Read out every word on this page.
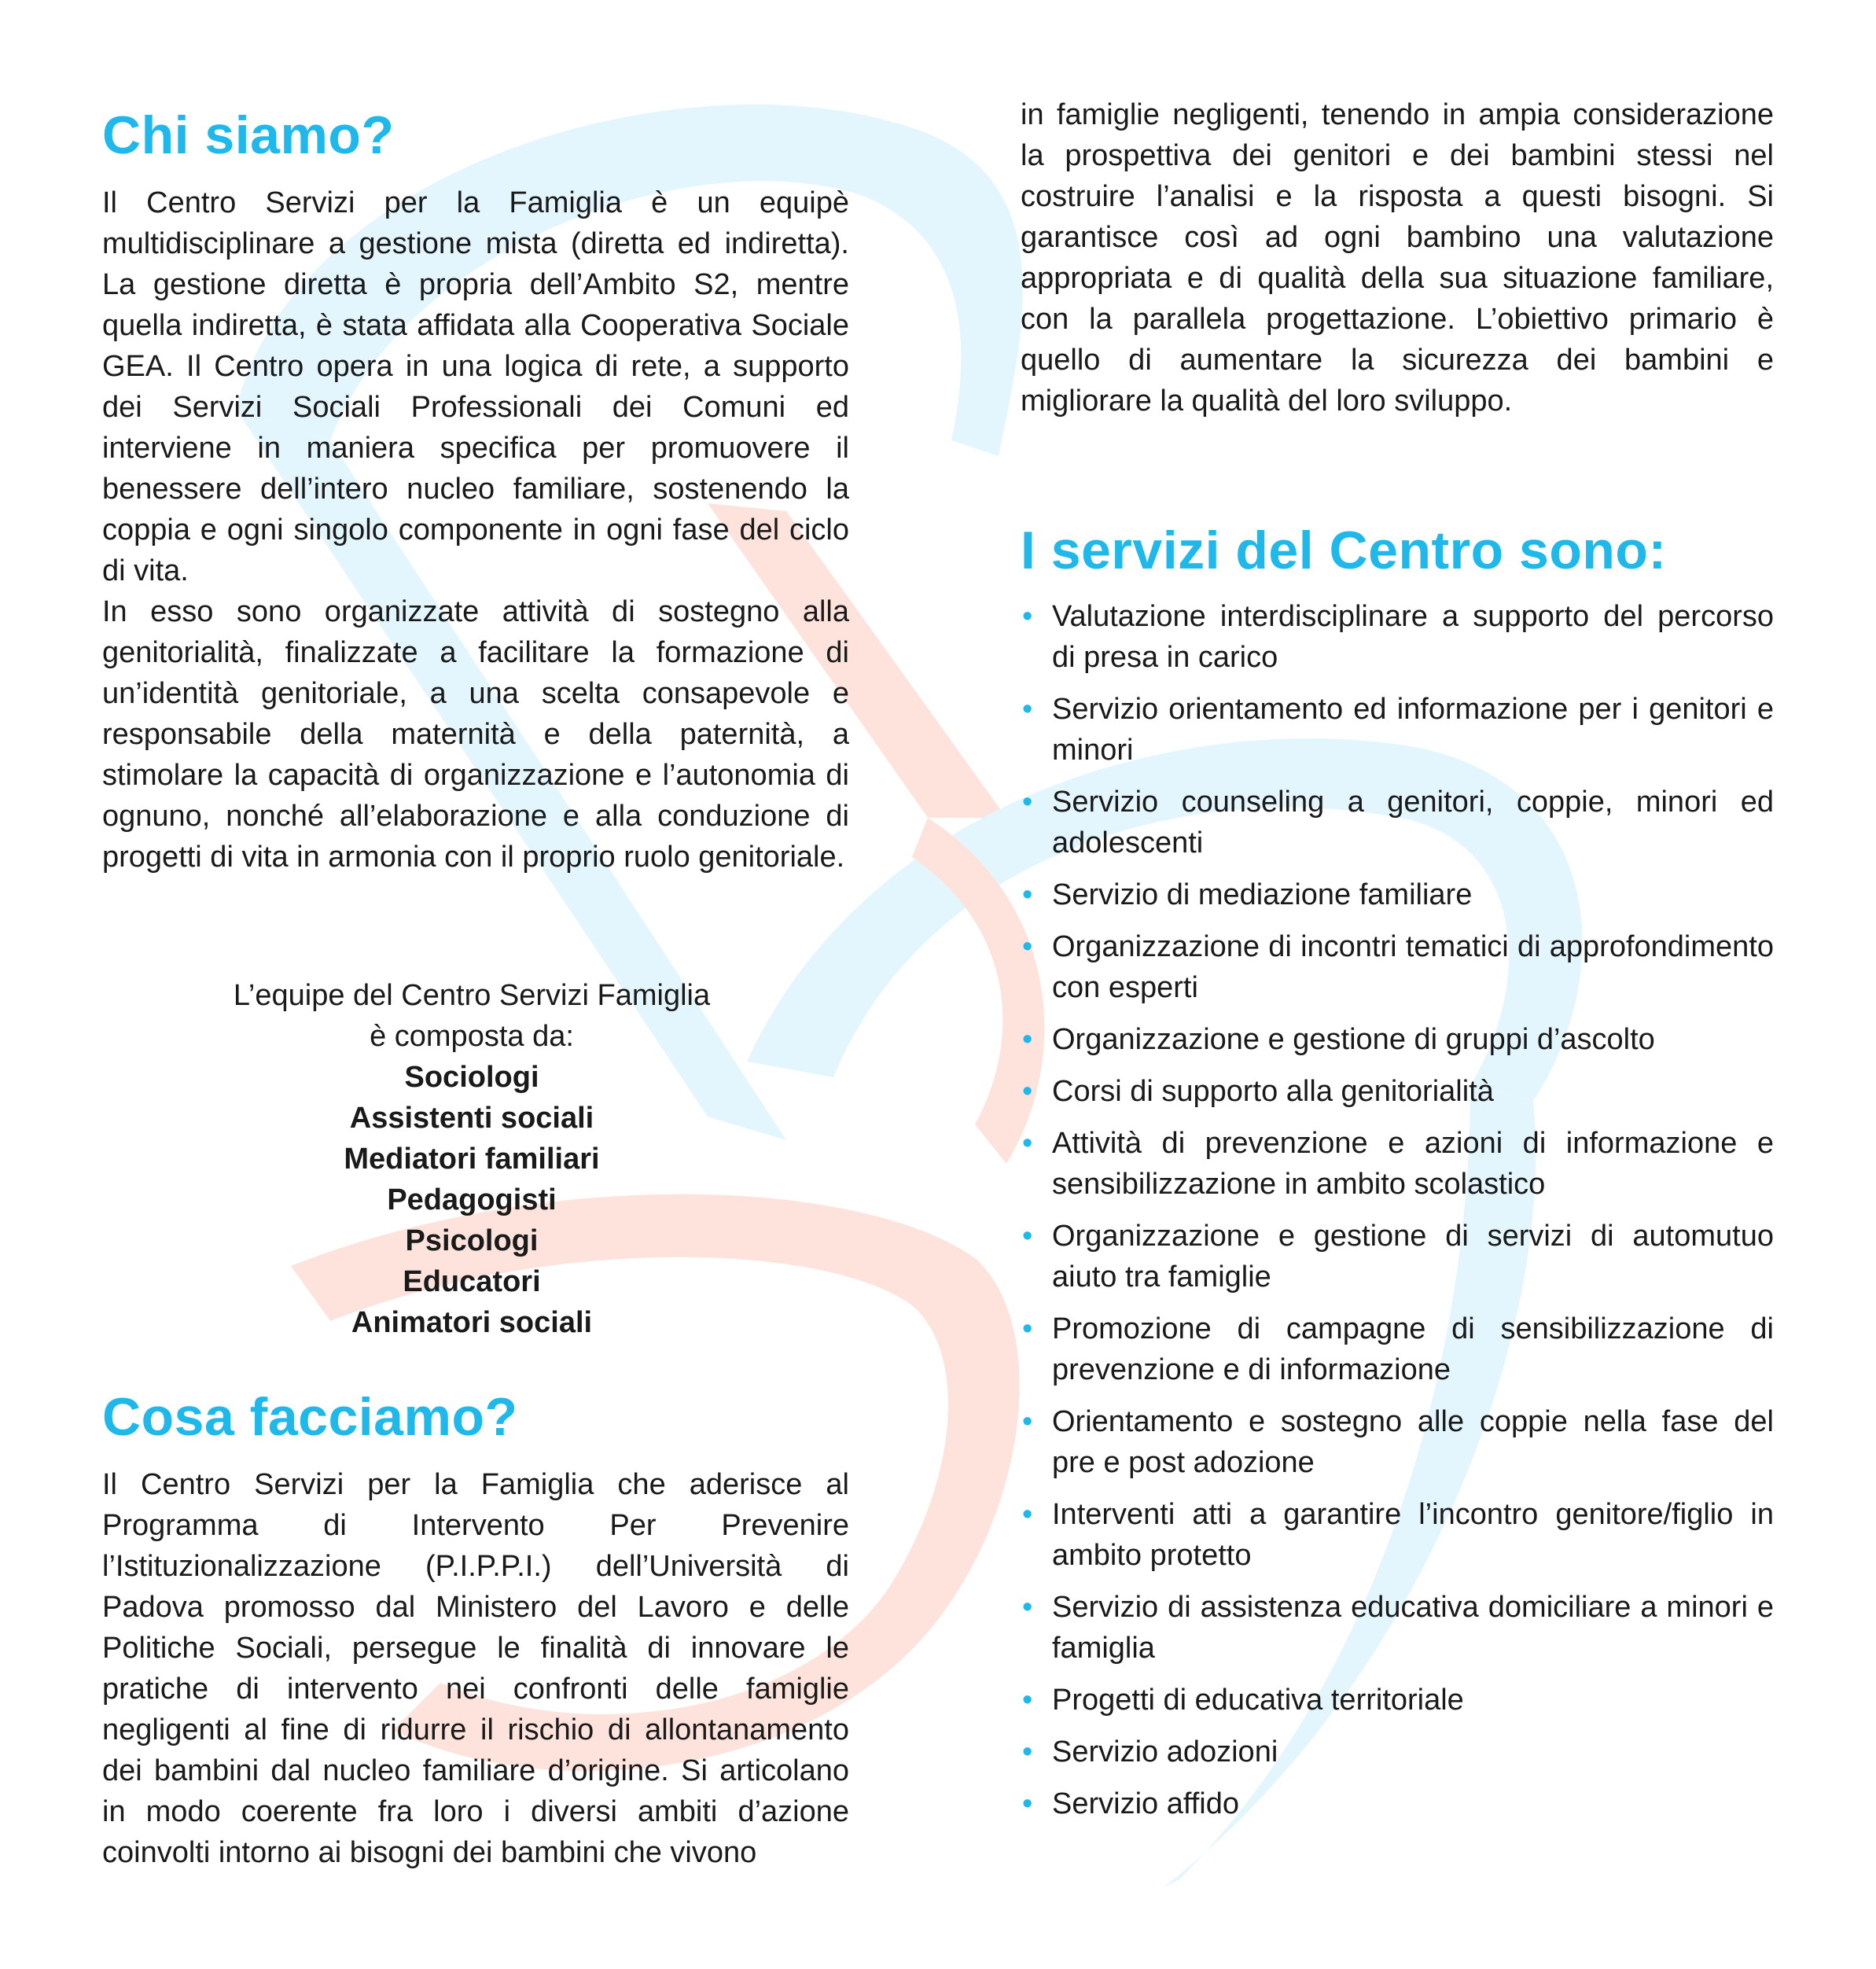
Chi siamo?

Il Centro Servizi per la Famiglia è un equipè multidisciplinare a gestione mista (diretta ed indiretta). La gestione diretta è propria dell’Ambito S2, mentre quella indiretta, è stata affidata alla Cooperativa Sociale GEA. Il Centro opera in una logica di rete, a supporto dei Servizi Sociali Professionali dei Comuni ed interviene in maniera specifica per promuovere il benessere dell’intero nucleo familiare, sostenendo la coppia e ogni singolo componente in ogni fase del ciclo di vita.

In esso sono organizzate attività di sostegno alla genitorialità, finalizzate a facilitare la formazione di un’identità genitoriale, a una scelta consapevole e responsabile della maternità e della paternità, a stimolare la capacità di organizzazione e l’autonomia di ognuno, nonché all’elaborazione e alla conduzione di progetti di vita in armonia con il proprio ruolo genitoriale.

L’equipe del Centro Servizi Famiglia
è composta da:
Sociologi
Assistenti sociali
Mediatori familiari
Pedagogisti
Psicologi
Educatori
Animatori sociali
Cosa facciamo?

Il Centro Servizi per la Famiglia che aderisce al Programma di Intervento Per Prevenire l’Istituzionalizzazione (P.I.P.P.I.) dell’Università di Padova promosso dal Ministero del Lavoro e delle Politiche Sociali, persegue le finalità di innovare le pratiche di intervento nei confronti delle famiglie negligenti al fine di ridurre il rischio di allontanamento dei bambini dal nucleo familiare d’origine. Si articolano in modo coerente fra loro i diversi ambiti d’azione coinvolti intorno ai bisogni dei bambini che vivono

in famiglie negligenti, tenendo in ampia considerazione la prospettiva dei genitori e dei bambini stessi nel costruire l’analisi e la risposta a questi bisogni. Si garantisce così ad ogni bambino una valutazione appropriata e di qualità della sua situazione familiare, con la parallela progettazione. L’obiettivo primario è quello di aumentare la sicurezza dei bambini e migliorare la qualità del loro sviluppo.

I servizi del Centro sono:
• Valutazione interdisciplinare a supporto del percorso di presa in carico
• Servizio orientamento ed informazione per i genitori e minori
• Servizio counseling a genitori, coppie, minori ed adolescenti
• Servizio di mediazione familiare
• Organizzazione di incontri tematici di approfondimento con esperti
• Organizzazione e gestione di gruppi d’ascolto
• Corsi di supporto alla genitorialità
• Attività di prevenzione e azioni di informazione e sensibilizzazione in ambito scolastico
• Organizzazione e gestione di servizi di automutuo aiuto tra famiglie
• Promozione di campagne di sensibilizzazione di prevenzione e di informazione
• Orientamento e sostegno alle coppie nella fase del pre e post adozione
• Interventi atti a garantire l’incontro genitore/figlio in ambito protetto
• Servizio di assistenza educativa domiciliare a minori e famiglia
• Progetti di educativa territoriale
• Servizio adozioni
• Servizio affido
